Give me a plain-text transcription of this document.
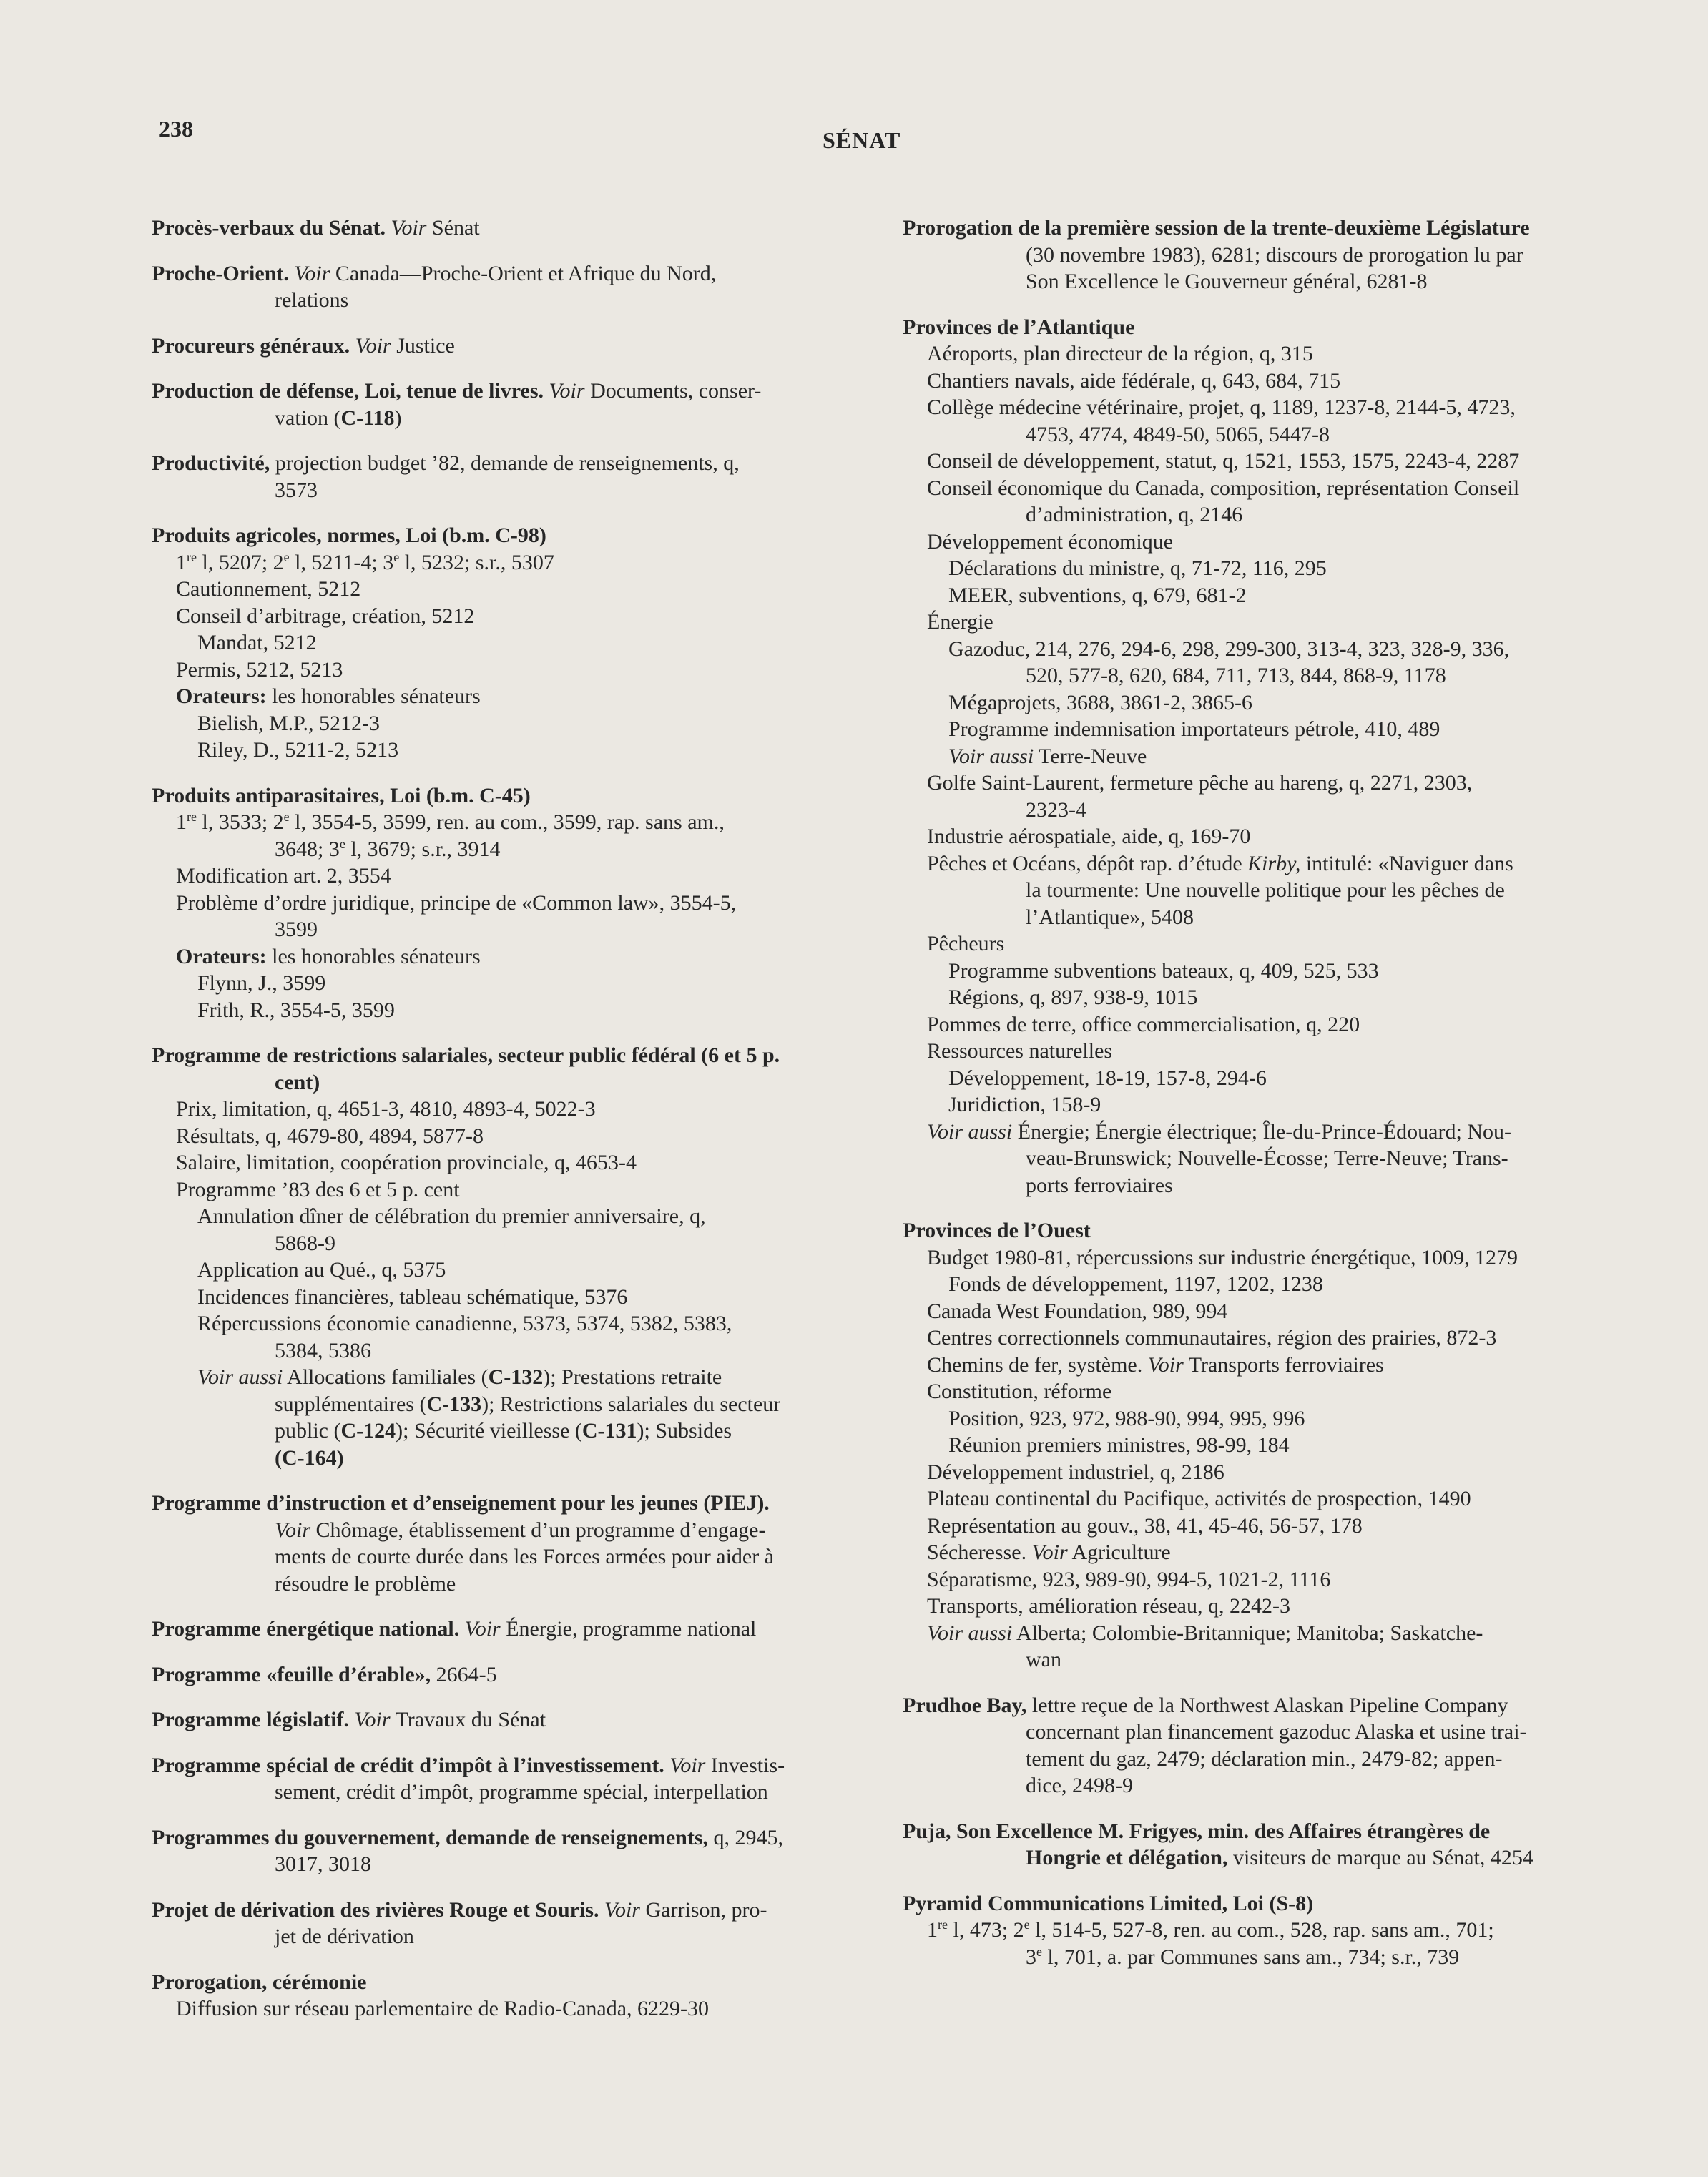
238	SÉNAT
Procès-verbaux du Sénat. Voir Sénat
Proche-Orient. Voir Canada—Proche-Orient et Afrique du Nord,
relations
Procureurs généraux. Voir Justice
Production de défense, Loi, tenue de livres. Voir Documents, conser-
vation (C-118)
Productivité, projection budget ’82, demande de renseignements, q,
3573
Produits agricoles, normes, Loi (b.m. C-98)
1re l, 5207; 2e l, 5211-4; 3e l, 5232; s.r., 5307
Cautionnement, 5212
Conseil d’arbitrage, création, 5212
Mandat, 5212
Permis, 5212, 5213
Orateurs: les honorables sénateurs
Bielish, M.P., 5212-3
Riley, D., 5211-2, 5213
Produits antiparasitaires, Loi (b.m. C-45)
1re l, 3533; 2e l, 3554-5, 3599, ren. au com., 3599, rap. sans am.,
3648; 3e l, 3679; s.r., 3914
Modification art. 2, 3554
Problème d’ordre juridique, principe de «Common law», 3554-5,
3599
Orateurs: les honorables sénateurs
Flynn, J., 3599
Frith, R., 3554-5, 3599
Programme de restrictions salariales, secteur public fédéral (6 et 5 p.
cent)
Prix, limitation, q, 4651-3, 4810, 4893-4, 5022-3
Résultats, q, 4679-80, 4894, 5877-8
Salaire, limitation, coopération provinciale, q, 4653-4
Programme ’83 des 6 et 5 p. cent
Annulation dîner de célébration du premier anniversaire, q,
5868-9
Application au Qué., q, 5375
Incidences financières, tableau schématique, 5376
Répercussions économie canadienne, 5373, 5374, 5382, 5383,
5384, 5386
Voir aussi Allocations familiales (C-132); Prestations retraite
supplémentaires (C-133); Restrictions salariales du secteur
public (C-124); Sécurité vieillesse (C-131); Subsides
(C-164)
Programme d’instruction et d’enseignement pour les jeunes (PIEJ).
Voir Chômage, établissement d’un programme d’engage-
ments de courte durée dans les Forces armées pour aider à
résoudre le problème
Programme énergétique national. Voir Énergie, programme national
Programme «feuille d’érable», 2664-5
Programme législatif. Voir Travaux du Sénat
Programme spécial de crédit d’impôt à l’investissement. Voir Investis-
sement, crédit d’impôt, programme spécial, interpellation
Programmes du gouvernement, demande de renseignements, q, 2945,
3017, 3018
Projet de dérivation des rivières Rouge et Souris. Voir Garrison, pro-
jet de dérivation
Prorogation, cérémonie
Diffusion sur réseau parlementaire de Radio-Canada, 6229-30
Prorogation de la première session de la trente-deuxième Législature
(30 novembre 1983), 6281; discours de prorogation lu par
Son Excellence le Gouverneur général, 6281-8
Provinces de l’Atlantique
Aéroports, plan directeur de la région, q, 315
Chantiers navals, aide fédérale, q, 643, 684, 715
Collège médecine vétérinaire, projet, q, 1189, 1237-8, 2144-5, 4723,
4753, 4774, 4849-50, 5065, 5447-8
Conseil de développement, statut, q, 1521, 1553, 1575, 2243-4, 2287
Conseil économique du Canada, composition, représentation Conseil
d’administration, q, 2146
Développement économique
Déclarations du ministre, q, 71-72, 116, 295
MEER, subventions, q, 679, 681-2
Énergie
Gazoduc, 214, 276, 294-6, 298, 299-300, 313-4, 323, 328-9, 336,
520, 577-8, 620, 684, 711, 713, 844, 868-9, 1178
Mégaprojets, 3688, 3861-2, 3865-6
Programme indemnisation importateurs pétrole, 410, 489
Voir aussi Terre-Neuve
Golfe Saint-Laurent, fermeture pêche au hareng, q, 2271, 2303,
2323-4
Industrie aérospatiale, aide, q, 169-70
Pêches et Océans, dépôt rap. d’étude Kirby, intitulé: «Naviguer dans
la tourmente: Une nouvelle politique pour les pêches de
l’Atlantique», 5408
Pêcheurs
Programme subventions bateaux, q, 409, 525, 533
Régions, q, 897, 938-9, 1015
Pommes de terre, office commercialisation, q, 220
Ressources naturelles
Développement, 18-19, 157-8, 294-6
Juridiction, 158-9
Voir aussi Énergie; Énergie électrique; Île-du-Prince-Édouard; Nou-
veau-Brunswick; Nouvelle-Écosse; Terre-Neuve; Trans-
ports ferroviaires
Provinces de l’Ouest
Budget 1980-81, répercussions sur industrie énergétique, 1009, 1279
Fonds de développement, 1197, 1202, 1238
Canada West Foundation, 989, 994
Centres correctionnels communautaires, région des prairies, 872-3
Chemins de fer, système. Voir Transports ferroviaires
Constitution, réforme
Position, 923, 972, 988-90, 994, 995, 996
Réunion premiers ministres, 98-99, 184
Développement industriel, q, 2186
Plateau continental du Pacifique, activités de prospection, 1490
Représentation au gouv., 38, 41, 45-46, 56-57, 178
Sécheresse. Voir Agriculture
Séparatisme, 923, 989-90, 994-5, 1021-2, 1116
Transports, amélioration réseau, q, 2242-3
Voir aussi Alberta; Colombie-Britannique; Manitoba; Saskatche-
wan
Prudhoe Bay, lettre reçue de la Northwest Alaskan Pipeline Company
concernant plan financement gazoduc Alaska et usine trai-
tement du gaz, 2479; déclaration min., 2479-82; appen-
dice, 2498-9
Puja, Son Excellence M. Frigyes, min. des Affaires étrangères de
Hongrie et délégation, visiteurs de marque au Sénat, 4254
Pyramid Communications Limited, Loi (S-8)
1re l, 473; 2e l, 514-5, 527-8, ren. au com., 528, rap. sans am., 701;
3e l, 701, a. par Communes sans am., 734; s.r., 739
